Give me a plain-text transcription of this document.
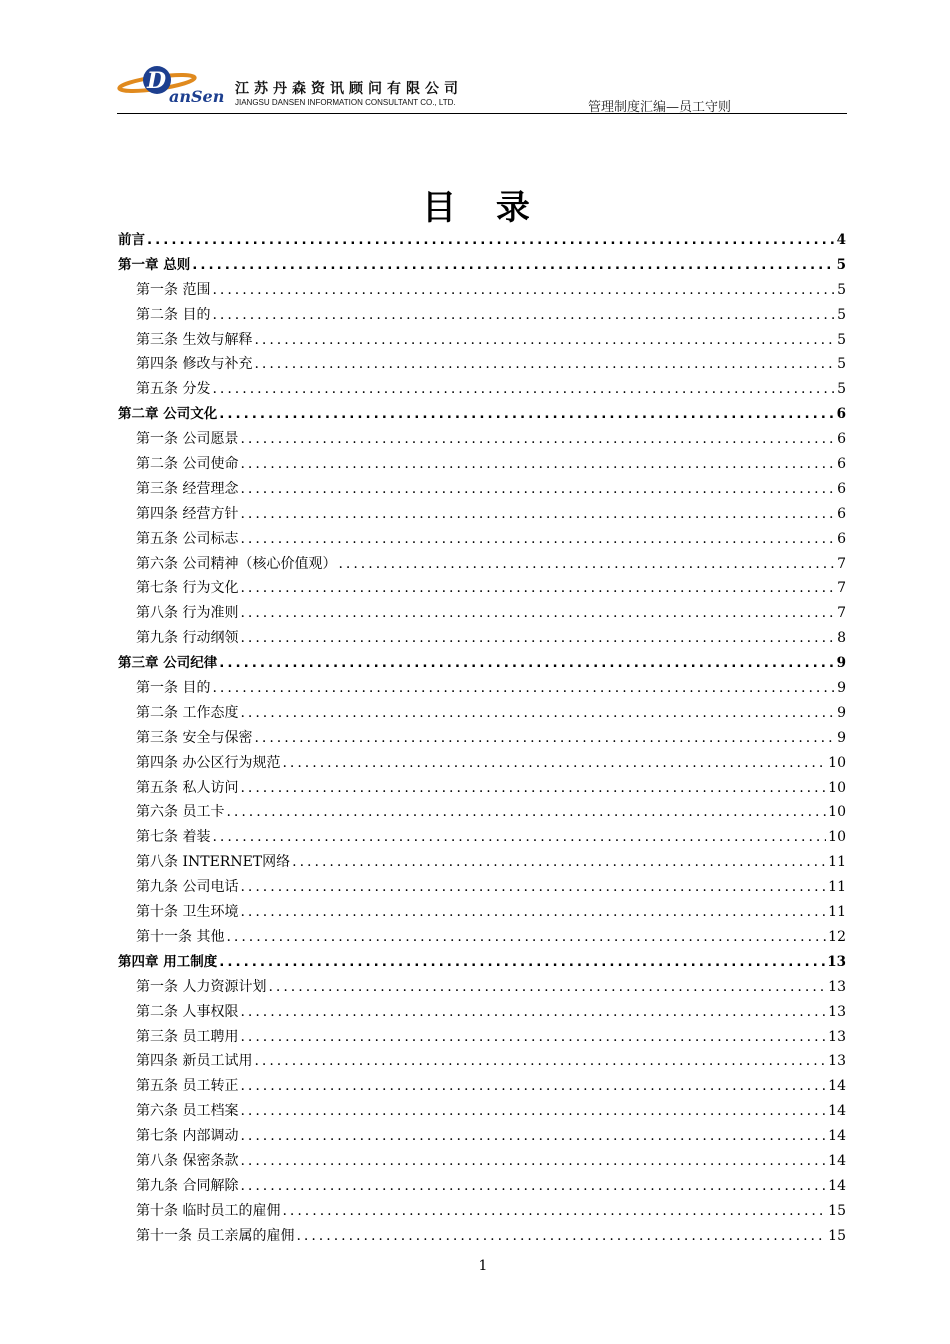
D
anSen 江苏丹森资讯顾问有限公司
JIANGSU DANSEN INFORMATION CONSULTANT CO., LTD.	管理制度汇编—员工守则
目 录
前言 .....	4
第一章 总则 .....	5
第一条 范围 .....	5
第二条 目的 .....	5
第三条 生效与解释 .....	5
第四条 修改与补充 .....	5
第五条 分发 .....	5
第二章 公司文化 .....	6
第一条 公司愿景 .....	6
第二条 公司使命 .....	6
第三条 经营理念 .....	6
第四条 经营方针 .....	6
第五条 公司标志 .....	6
第六条 公司精神（核心价值观） .....	7
第七条 行为文化 .....	7
第八条 行为准则 .....	7
第九条 行动纲领 .....	8
第三章 公司纪律 .....	9
第一条 目的 .....	9
第二条 工作态度 .....	9
第三条 安全与保密 .....	9
第四条 办公区行为规范 .....	10
第五条 私人访问 .....	10
第六条 员工卡 .....	10
第七条 着装 .....	10
第八条 INTERNET网络 .....	11
第九条 公司电话 .....	11
第十条 卫生环境 .....	11
第十一条 其他 .....	12
第四章 用工制度 .....	13
第一条 人力资源计划 .....	13
第二条 人事权限 .....	13
第三条 员工聘用 .....	13
第四条 新员工试用 .....	13
第五条 员工转正 .....	14
第六条 员工档案 .....	14
第七条 内部调动 .....	14
第八条 保密条款 .....	14
第九条 合同解除 .....	14
第十条 临时员工的雇佣 .....	15
第十一条 员工亲属的雇佣 .....	15
1
